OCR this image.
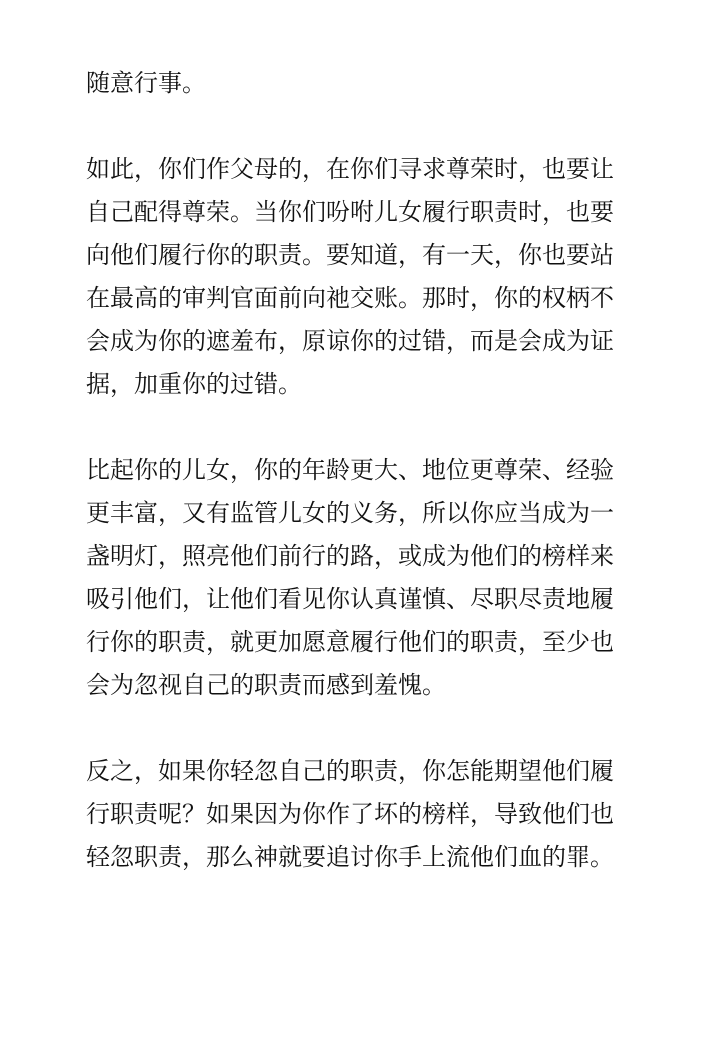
随意行事。
如此，你们作父母的，在你们寻求尊荣时，也要让
自己配得尊荣。当你们吩咐儿女履行职责时，也要
向他们履行你的职责。要知道，有一天，你也要站
在最高的审判官面前向祂交账。那时，你的权柄不
会成为你的遮羞布，原谅你的过错，而是会成为证
据，加重你的过错。
比起你的儿女，你的年龄更大、地位更尊荣、经验
更丰富，又有监管儿女的义务，所以你应当成为一
盏明灯，照亮他们前行的路，或成为他们的榜样来
吸引他们，让他们看见你认真谨慎、尽职尽责地履
行你的职责，就更加愿意履行他们的职责，至少也
会为忽视自己的职责而感到羞愧。
反之，如果你轻忽自己的职责，你怎能期望他们履
行职责呢？如果因为你作了坏的榜样，导致他们也
轻忽职责，那么神就要追讨你手上流他们血的罪。
